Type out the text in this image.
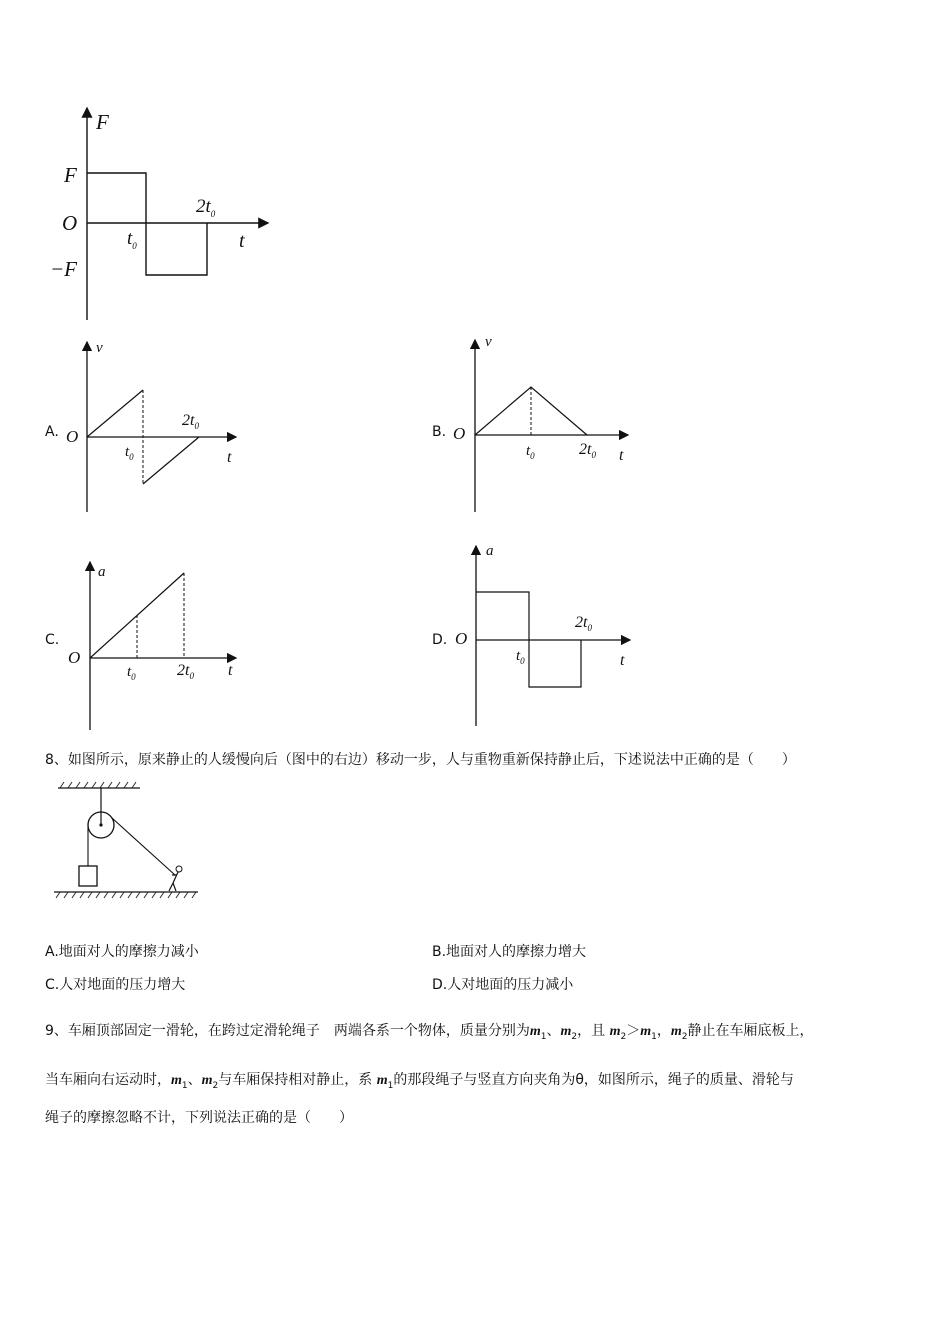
F
F
O
−F
$t_0$
$2t_0$
t
A.
v
O
$t_0$
$2t_0$
t
B.
v
O
$t_0$	$2t_0$ t
C.
a
O
$t_0$	$2t_0$ t
D.
a
O
$t_0$
$2t_0$
t
8、如图所示，原来静止的人缓慢向后（图中的右边）移动一步，人与重物重新保持静止后，下述说法中正确的是（　　）
A.地面对人的摩擦力减小	B.地面对人的摩擦力增大
C.人对地面的压力增大	D.人对地面的压力减小
9、车厢顶部固定一滑轮，在跨过定滑轮绳子　两端各系一个物体，质量分别为$m_1$、$m_2$，且 $m_2>m_1$，$m_2$静止在车厢底板上，
当车厢向右运动时，$m_1$、$m_2$与车厢保持相对静止，系 $m_1$的那段绳子与竖直方向夹角为θ，如图所示，绳子的质量、滑轮与
绳子的摩擦忽略不计，下列说法正确的是（　　）
